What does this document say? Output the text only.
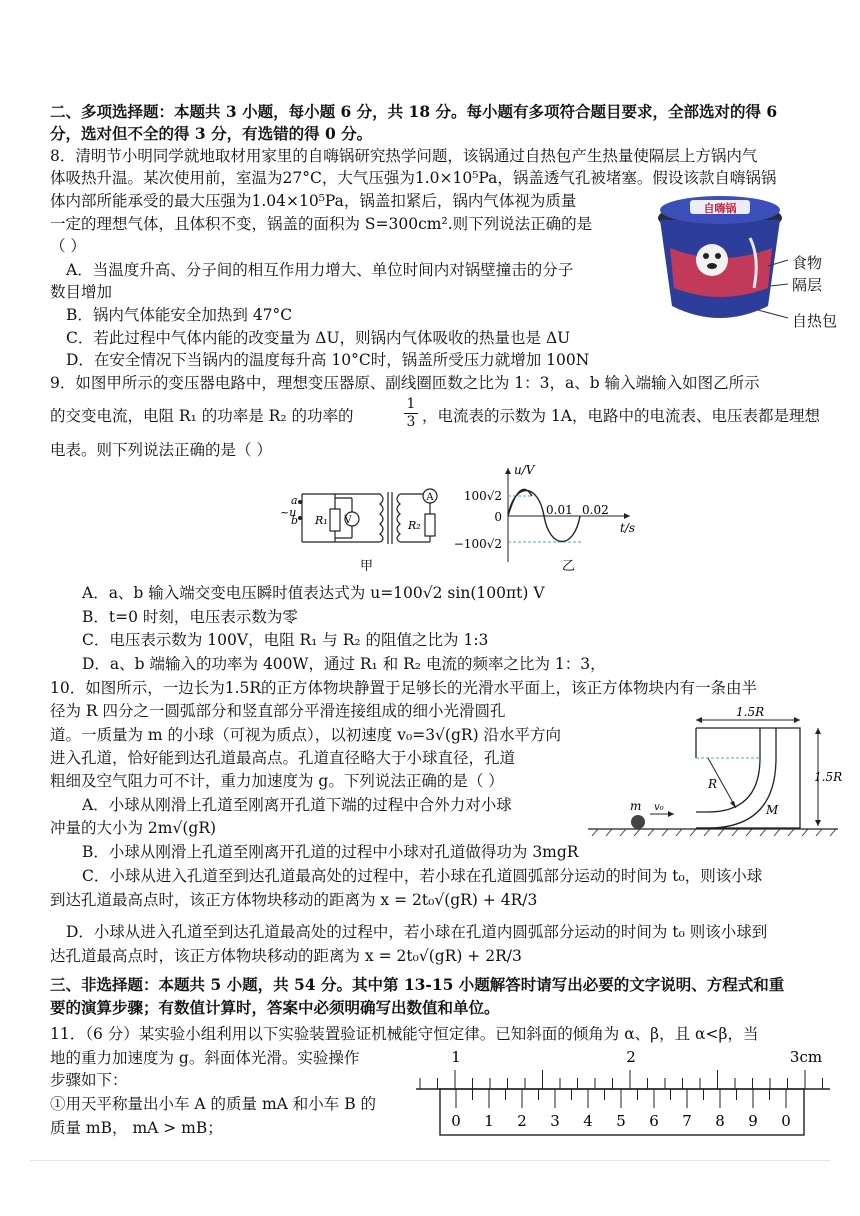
二、多项选择题：本题共 3 小题，每小题 6 分，共 18 分。每小题有多项符合题目要求，全部选对的得 6
分，选对但不全的得 3 分，有选错的得 0 分。
8．清明节小明同学就地取材用家里的自嗨锅研究热学问题，该锅通过自热包产生热量使隔层上方锅内气
体吸热升温。某次使用前，室温为27°C，大气压强为1.0×10⁵Pa，锅盖透气孔被堵塞。假设该款自嗨锅锅
体内部所能承受的最大压强为1.04×10⁵Pa，锅盖扣紧后，锅内气体视为质量
一定的理想气体，且体积不变，锅盖的面积为 S=300cm².则下列说法正确的是
（ ）
A．当温度升高、分子间的相互作用力增大、单位时间内对锅壁撞击的分子
数目增加
B．锅内气体能安全加热到 47°C
C．若此过程中气体内能的改变量为 ΔU，则锅内气体吸收的热量也是 ΔU
D．在安全情况下当锅内的温度每升高 10°C时，锅盖所受压力就增加 100N
自嗨锅
食物
隔层
自热包
9．如图甲所示的变压器电路中，理想变压器原、副线圈匝数之比为 1：3，a、b 输入端输入如图乙所示
的交变电流，电阻 R₁ 的功率是 R₂ 的功率的	$\frac{1}{3}$ ，电流表的示数为 1A，电路中的电流表、电压表都是理想
电表。则下列说法正确的是（ ）
a
~u
b R₁ V
A
R₂
甲
u/V
t/s
100√2
0
−100√2
0.01 0.02
乙
A．a、b 输入端交变电压瞬时值表达式为 u=100√2 sin(100πt) V
B．t=0 时刻，电压表示数为零
C．电压表示数为 100V，电阻 R₁ 与 R₂ 的阻值之比为 1:3
D．a、b 端输入的功率为 400W，通过 R₁ 和 R₂ 电流的频率之比为 1：3，
10．如图所示，一边长为1.5R的正方体物块静置于足够长的光滑水平面上，该正方体物块内有一条由半
径为 R 四分之一圆弧部分和竖直部分平滑连接组成的细小光滑圆孔
道。一质量为 m 的小球（可视为质点），以初速度 v₀=3√(gR) 沿水平方向
进入孔道，恰好能到达孔道最高点。孔道直径略大于小球直径，孔道
粗细及空气阻力可不计，重力加速度为 g。下列说法正确的是（ ）
A．小球从刚滑上孔道至刚离开孔道下端的过程中合外力对小球
冲量的大小为 2m√(gR)
B．小球从刚滑上孔道至刚离开孔道的过程中小球对孔道做得功为 3mgR
C．小球从进入孔道至到达孔道最高处的过程中，若小球在孔道圆弧部分运动的时间为 t₀，则该小球
到达孔道最高点时，该正方体物块移动的距离为 x = 2t₀√(gR) + 4R/3
D．小球从进入孔道至到达孔道最高处的过程中，若小球在孔道内圆弧部分运动的时间为 t₀ 则该小球到
达孔道最高点时，该正方体物块移动的距离为 x = 2t₀√(gR) + 2R/3
1.5R
1.5R
R
M
m v₀
三、非选择题：本题共 5 小题，共 54 分。其中第 13-15 小题解答时请写出必要的文字说明、方程式和重
要的演算步骤；有数值计算时，答案中必须明确写出数值和单位。
11．（6 分）某实验小组利用以下实验装置验证机械能守恒定律。已知斜面的倾角为 α、β，且 α<β，当
地的重力加速度为 g。斜面体光滑。实验操作
步骤如下：
①用天平称量出小车 A 的质量 mA 和小车 B 的
质量 mB， mA > mB；
1	2	3cm
0 1 2 3 4 5 6 7 8 9 0
